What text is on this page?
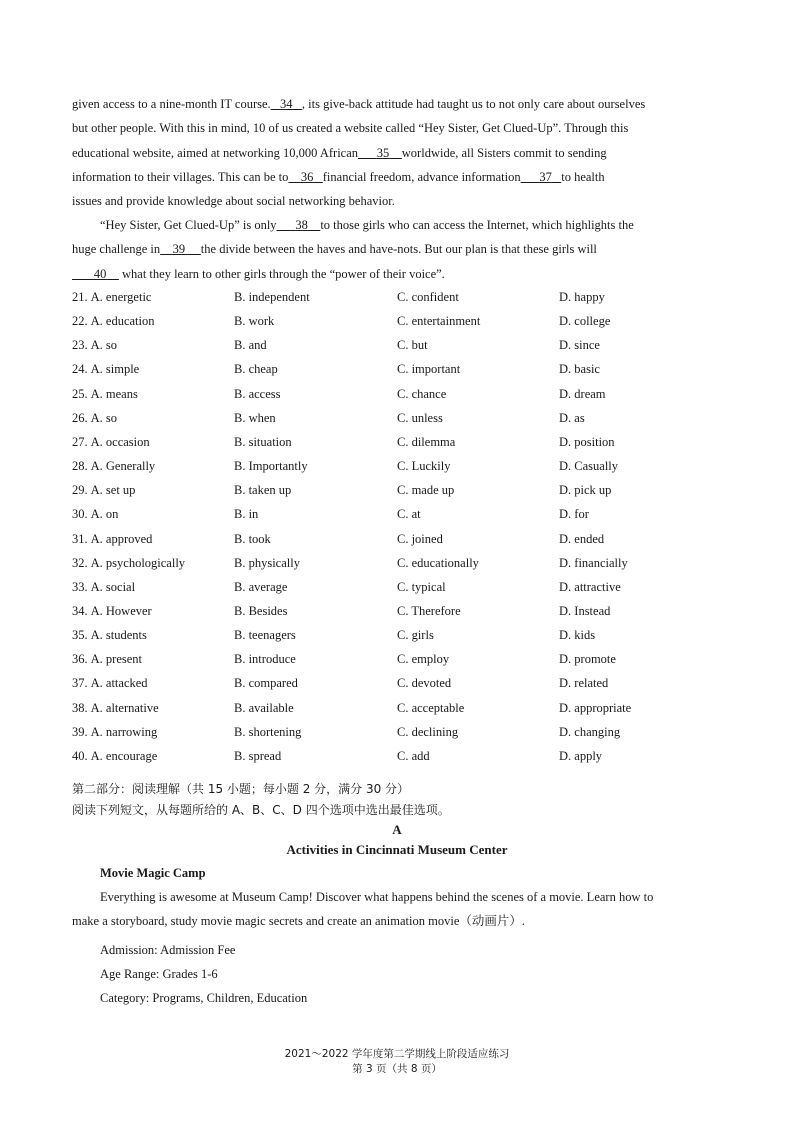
given access to a nine-month IT course. 34 , its give-back attitude had taught us to not only care about ourselves
but other people. With this in mind, 10 of us created a website called “Hey Sister, Get Clued-Up”. Through this
educational website, aimed at networking 10,000 African 35 worldwide, all Sisters commit to sending
information to their villages. This can be to 36 financial freedom, advance information 37 to health
issues and provide knowledge about social networking behavior.
“Hey Sister, Get Clued-Up” is only 38 to those girls who can access the Internet, which highlights the
huge challenge in 39 the divide between the haves and have-nots. But our plan is that these girls will
40     what they learn to other girls through the “power of their voice”.
21. A. energetic	B. independent	C. confident	D. happy
22. A. education	B. work	C. entertainment	D. college
23. A. so	B. and	C. but	D. since
24. A. simple	B. cheap	C. important	D. basic
25. A. means	B. access	C. chance	D. dream
26. A. so	B. when	C. unless	D. as
27. A. occasion	B. situation	C. dilemma	D. position
28. A. Generally	B. Importantly	C. Luckily	D. Casually
29. A. set up	B. taken up	C. made up	D. pick up
30. A. on	B. in	C. at	D. for
31. A. approved	B. took	C. joined	D. ended
32. A. psychologically	B. physically	C. educationally	D. financially
33. A. social	B. average	C. typical	D. attractive
34. A. However	B. Besides	C. Therefore	D. Instead
35. A. students	B. teenagers	C. girls	D. kids
36. A. present	B. introduce	C. employ	D. promote
37. A. attacked	B. compared	C. devoted	D. related
38. A. alternative	B. available	C. acceptable	D. appropriate
39. A. narrowing	B. shortening	C. declining	D. changing
40. A. encourage	B. spread	C. add	D. apply
第二部分：阅读理解（共 15 小题；每小题 2 分，满分 30 分）
阅读下列短文，从每题所给的 A、B、C、D 四个选项中选出最佳选项。
A
Activities in Cincinnati Museum Center
Movie Magic Camp
Everything is awesome at Museum Camp! Discover what happens behind the scenes of a movie. Learn how to
make a storyboard, study movie magic secrets and create an animation movie（动画片）.
Admission: Admission Fee
Age Range: Grades 1-6
Category: Programs, Children, Education
2021～2022 学年度第二学期线上阶段适应练习
第 3 页（共 8 页）
